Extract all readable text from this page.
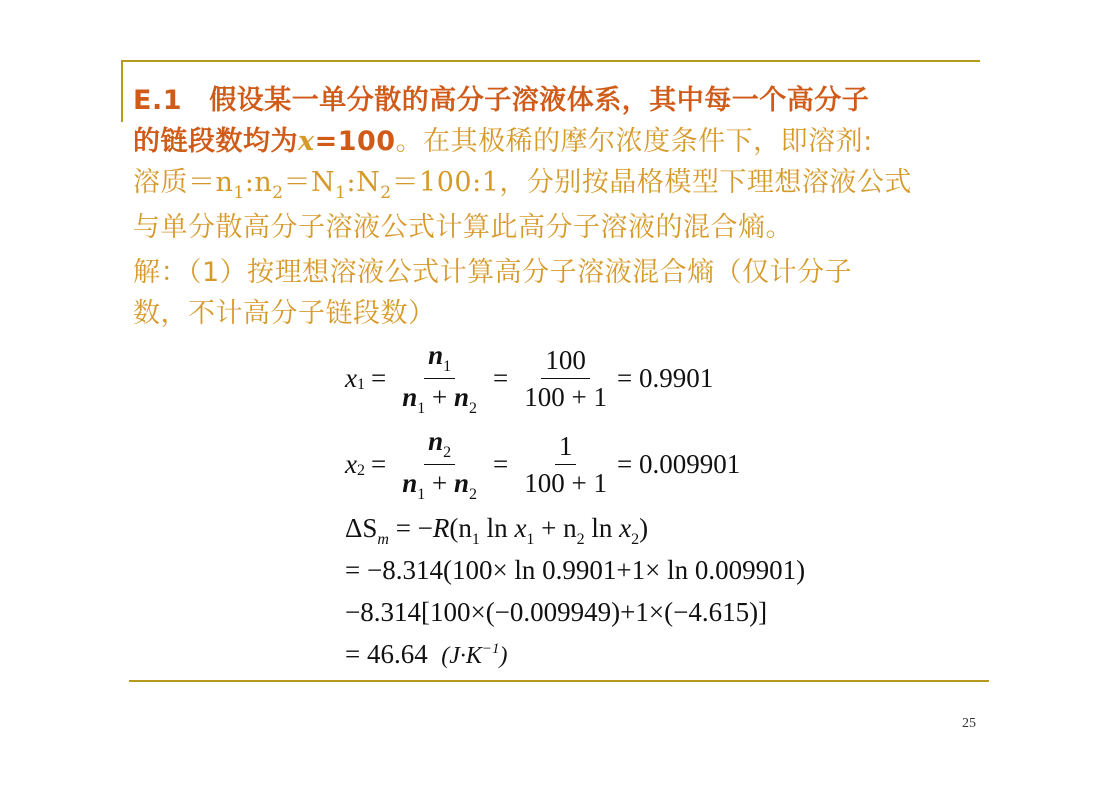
E.1 假设某一单分散的高分子溶液体系，其中每一个高分子
的链段数均为x=100。在其极稀的摩尔浓度条件下，即溶剂:
溶质$=n_1:n_2=N_1:N_2=100:1$，分别按晶格模型下理想溶液公式
与单分散高分子溶液公式计算此高分子溶液的混合熵。
解：（1）按理想溶液公式计算高分子溶液混合熵（仅计分子
数，不计高分子链段数）
x $1 = \frac{n_1}{n_1 + n_2} = \frac{100}{100 + 1} = 0.9901$
x $2 = \frac{n_2}{n_1 + n_2} = \frac{1}{100 + 1} = 0.009901$
$\Delta S_m = -R(n_1$ $\ln x_1 + n_2$ $\ln x_2$)
= −8.314(100× ln 0.9901+1× ln 0.009901)
−8.314[100×(−0.009949)+1×(−4.615)]
= 46.64 $(J\cdot K^{-1})$
25
